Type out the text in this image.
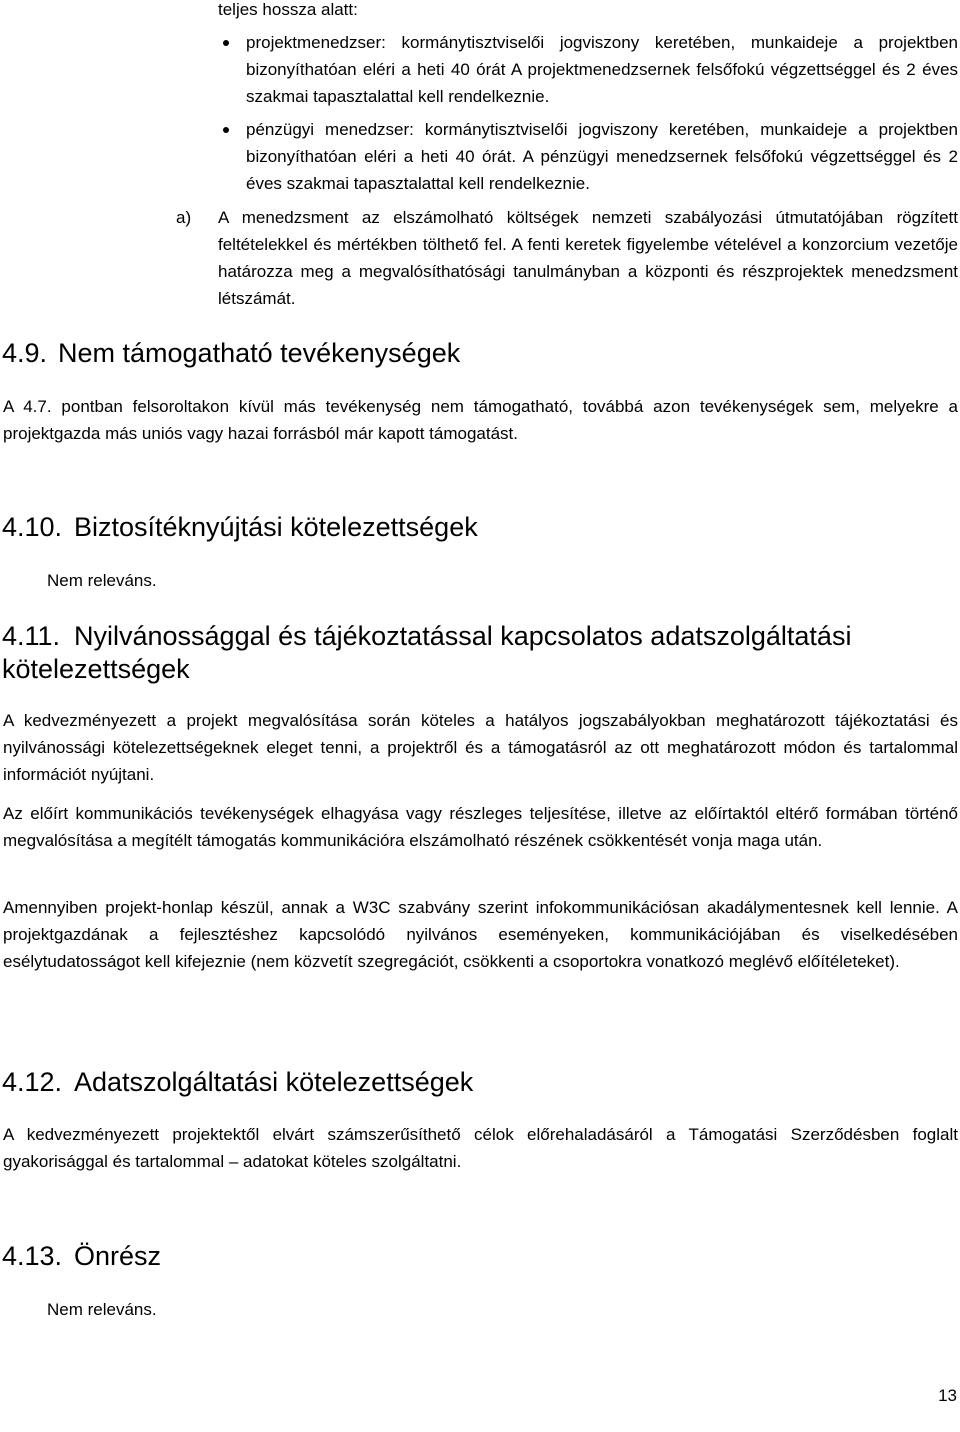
teljes hossza alatt:
projektmenedzser: kormánytisztviselői jogviszony keretében, munkaideje a projektben bizonyíthatóan eléri a heti 40 órát A projektmenedzsernek felsőfokú végzettséggel és 2 éves szakmai tapasztalattal kell rendelkeznie.
pénzügyi menedzser: kormánytisztviselői jogviszony keretében, munkaideje a projektben bizonyíthatóan eléri a heti 40 órát. A pénzügyi menedzsernek felsőfokú végzettséggel és 2 éves szakmai tapasztalattal kell rendelkeznie.
a) A menedzsment az elszámolható költségek nemzeti szabályozási útmutatójában rögzített feltételekkel és mértékben tölthető fel. A fenti keretek figyelembe vételével a konzorcium vezetője határozza meg a megvalósíthatósági tanulmányban a központi és részprojektek menedzsment létszámát.
4.9. Nem támogatható tevékenységek
A 4.7. pontban felsoroltakon kívül más tevékenység nem támogatható, továbbá azon tevékenységek sem, melyekre a projektgazda más uniós vagy hazai forrásból már kapott támogatást.
4.10. Biztosítéknyújtási kötelezettségek
Nem releváns.
4.11. Nyilvánossággal és tájékoztatással kapcsolatos adatszolgáltatási kötelezettségek
A kedvezményezett a projekt megvalósítása során köteles a hatályos jogszabályokban meghatározott tájékoztatási és nyilvánossági kötelezettségeknek eleget tenni, a projektről és a támogatásról az ott meghatározott módon és tartalommal információt nyújtani.
Az előírt kommunikációs tevékenységek elhagyása vagy részleges teljesítése, illetve az előírtaktól eltérő formában történő megvalósítása a megítélt támogatás kommunikációra elszámolható részének csökkentését vonja maga után.
Amennyiben projekt-honlap készül, annak a W3C szabvány szerint infokommunikációsan akadálymentesnek kell lennie. A projektgazdának a fejlesztéshez kapcsolódó nyilvános eseményeken, kommunikációjában és viselkedésében esélytudatosságot kell kifejeznie (nem közvetít szegregációt, csökkenti a csoportokra vonatkozó meglévő előítéleteket).
4.12. Adatszolgáltatási kötelezettségek
A kedvezményezett projektektől elvárt számszerűsíthető célok előrehaladásáról a Támogatási Szerződésben foglalt gyakorisággal és tartalommal – adatokat köteles szolgáltatni.
4.13. Önrész
Nem releváns.
13
